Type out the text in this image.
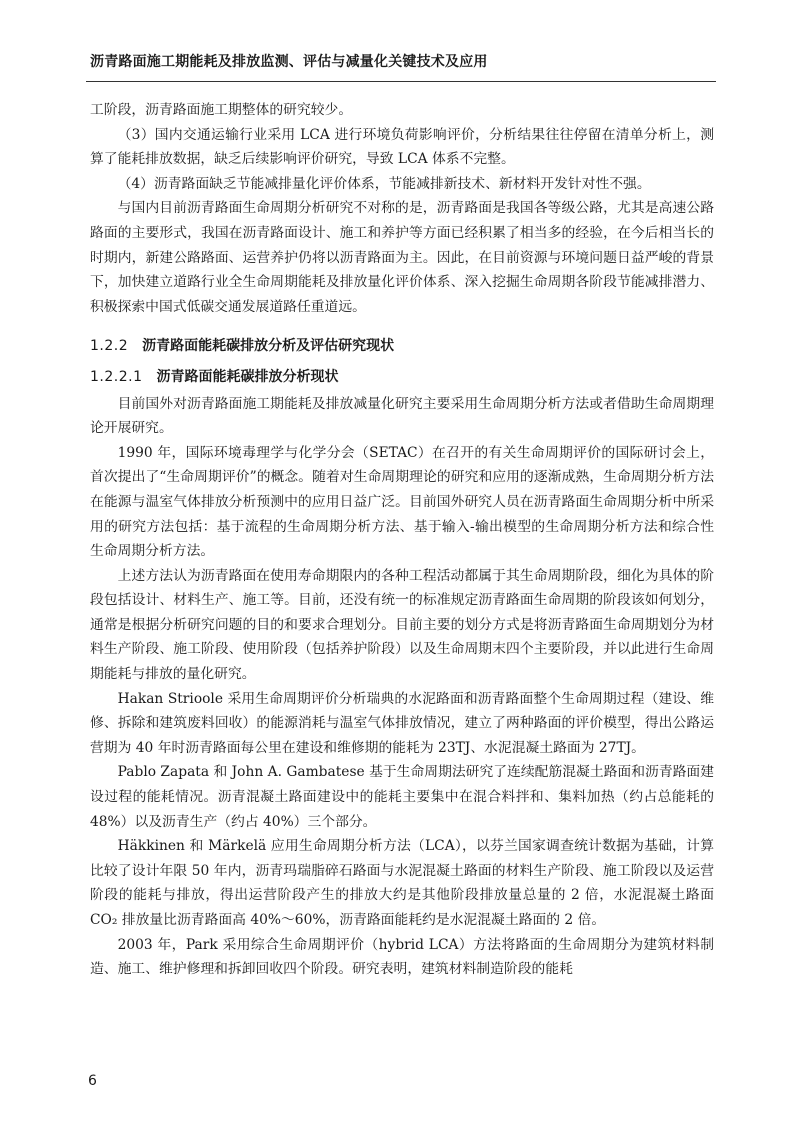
沥青路面施工期能耗及排放监测、评估与减量化关键技术及应用

工阶段，沥青路面施工期整体的研究较少。

（3）国内交通运输行业采用 LCA 进行环境负荷影响评价，分析结果往往停留在清单分析上，测算了能耗排放数据，缺乏后续影响评价研究，导致 LCA 体系不完整。

（4）沥青路面缺乏节能减排量化评价体系，节能减排新技术、新材料开发针对性不强。

与国内目前沥青路面生命周期分析研究不对称的是，沥青路面是我国各等级公路，尤其是高速公路路面的主要形式，我国在沥青路面设计、施工和养护等方面已经积累了相当多的经验，在今后相当长的时期内，新建公路路面、运营养护仍将以沥青路面为主。因此，在目前资源与环境问题日益严峻的背景下，加快建立道路行业全生命周期能耗及排放量化评价体系、深入挖掘生命周期各阶段节能减排潜力、积极探索中国式低碳交通发展道路任重道远。

1.2.2 沥青路面能耗碳排放分析及评估研究现状
1.2.2.1 沥青路面能耗碳排放分析现状

目前国外对沥青路面施工期能耗及排放减量化研究主要采用生命周期分析方法或者借助生命周期理论开展研究。

1990 年，国际环境毒理学与化学分会（SETAC）在召开的有关生命周期评价的国际研讨会上，首次提出了“生命周期评价”的概念。随着对生命周期理论的研究和应用的逐渐成熟，生命周期分析方法在能源与温室气体排放分析预测中的应用日益广泛。目前国外研究人员在沥青路面生命周期分析中所采用的研究方法包括：基于流程的生命周期分析方法、基于输入-输出模型的生命周期分析方法和综合性生命周期分析方法。

上述方法认为沥青路面在使用寿命期限内的各种工程活动都属于其生命周期阶段，细化为具体的阶段包括设计、材料生产、施工等。目前，还没有统一的标准规定沥青路面生命周期的阶段该如何划分，通常是根据分析研究问题的目的和要求合理划分。目前主要的划分方式是将沥青路面生命周期划分为材料生产阶段、施工阶段、使用阶段（包括养护阶段）以及生命周期末四个主要阶段，并以此进行生命周期能耗与排放的量化研究。

Hakan Strioole 采用生命周期评价分析瑞典的水泥路面和沥青路面整个生命周期过程（建设、维修、拆除和建筑废料回收）的能源消耗与温室气体排放情况，建立了两种路面的评价模型，得出公路运营期为 40 年时沥青路面每公里在建设和维修期的能耗为 23TJ、水泥混凝土路面为 27TJ。

Pablo Zapata 和 John A. Gambatese 基于生命周期法研究了连续配筋混凝土路面和沥青路面建设过程的能耗情况。沥青混凝土路面建设中的能耗主要集中在混合料拌和、集料加热（约占总能耗的 48%）以及沥青生产（约占 40%）三个部分。

Häkkinen 和 Märkelä 应用生命周期分析方法（LCA），以芬兰国家调查统计数据为基础，计算比较了设计年限 50 年内，沥青玛瑞脂碎石路面与水泥混凝土路面的材料生产阶段、施工阶段以及运营阶段的能耗与排放，得出运营阶段产生的排放大约是其他阶段排放量总量的 2 倍，水泥混凝土路面 CO₂ 排放量比沥青路面高 40%～60%，沥青路面能耗约是水泥混凝土路面的 2 倍。

2003 年，Park 采用综合生命周期评价（hybrid LCA）方法将路面的生命周期分为建筑材料制造、施工、维护修理和拆卸回收四个阶段。研究表明，建筑材料制造阶段的能耗

6
